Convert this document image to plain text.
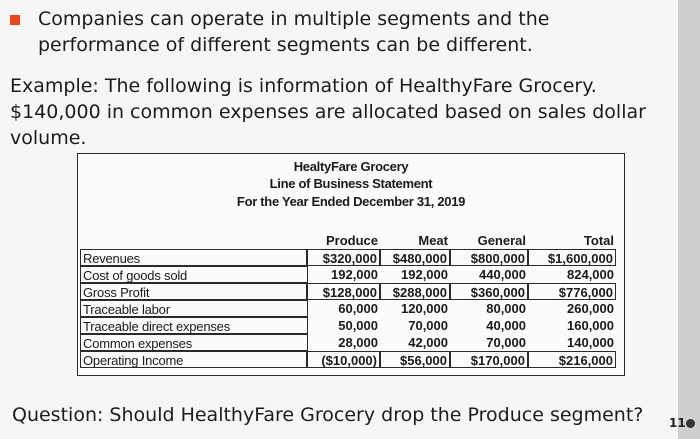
Companies can operate in multiple segments and the
performance of different segments can be different.
Example: The following is information of HealthyFare Grocery.
$140,000 in common expenses are allocated based on sales dollar
volume.
HealtyFare Grocery
Line of Business Statement
For the Year Ended December 31, 2019
Produce	Meat	General	Total
Revenues	$320,000	$480,000	$800,000	$1,600,000
Cost of goods sold	192,000	192,000	440,000	824,000
Gross Profit	$128,000	$288,000	$360,000	$776,000
Traceable labor	60,000	120,000	80,000	260,000
Traceable direct expenses	50,000	70,000	40,000	160,000
Common expenses	28,000	42,000	70,000	140,000
Operating Income	($10,000)	$56,000	$170,000	$216,000
Question: Should HealthyFare Grocery drop the Produce segment? 11
